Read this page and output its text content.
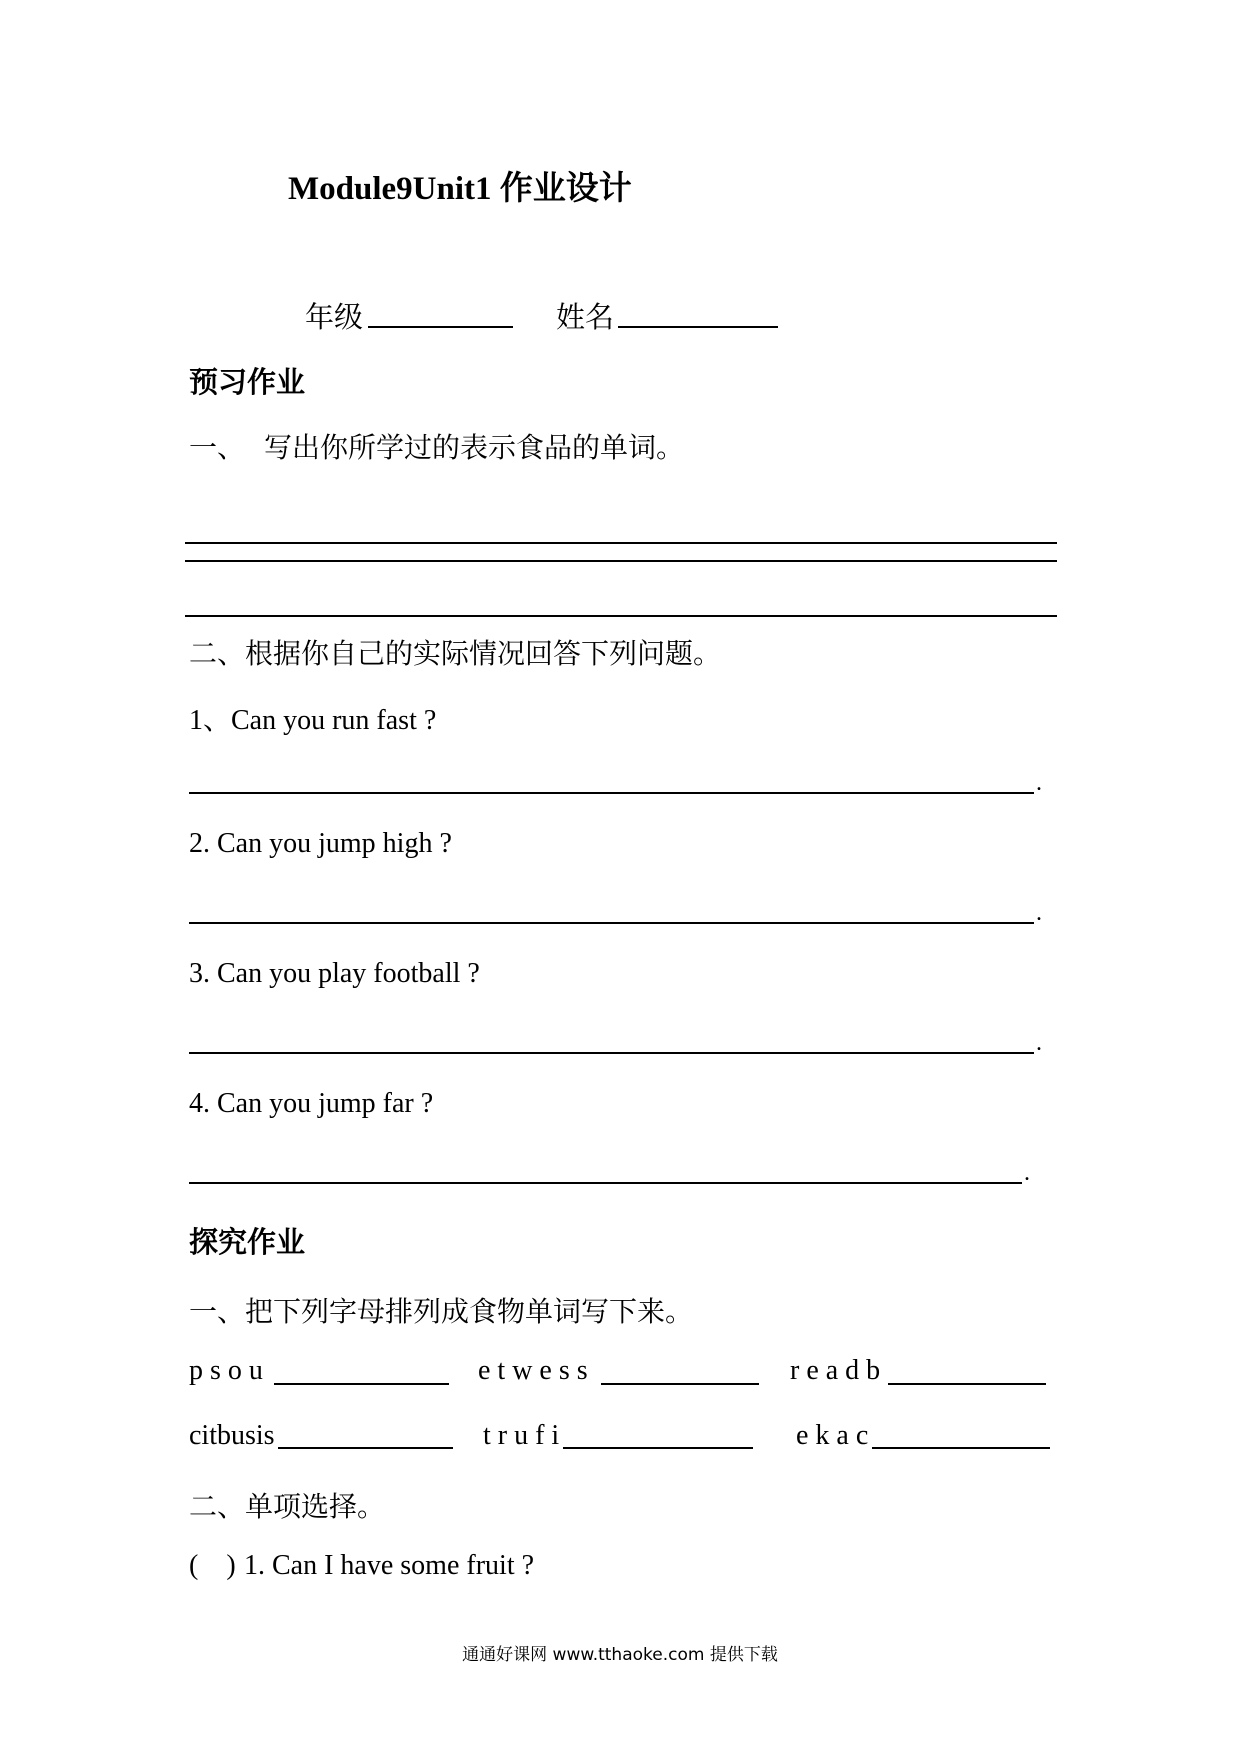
Module9Unit1 作业设计
年级	姓名
预习作业
一、 写出你所学过的表示食品的单词。
二、根据你自己的实际情况回答下列问题。
1、Can you run fast ?
.
2. Can you jump high ?
.
3. Can you play football ?
.
4. Can you jump far ?
.
探究作业
一、把下列字母排列成食物单词写下来。
psou	etwess	readb
citbusis	trufi	ekac
二、单项选择。
(    ) 1. Can I have some fruit ?
通通好课网 www.tthaoke.com 提供下载
